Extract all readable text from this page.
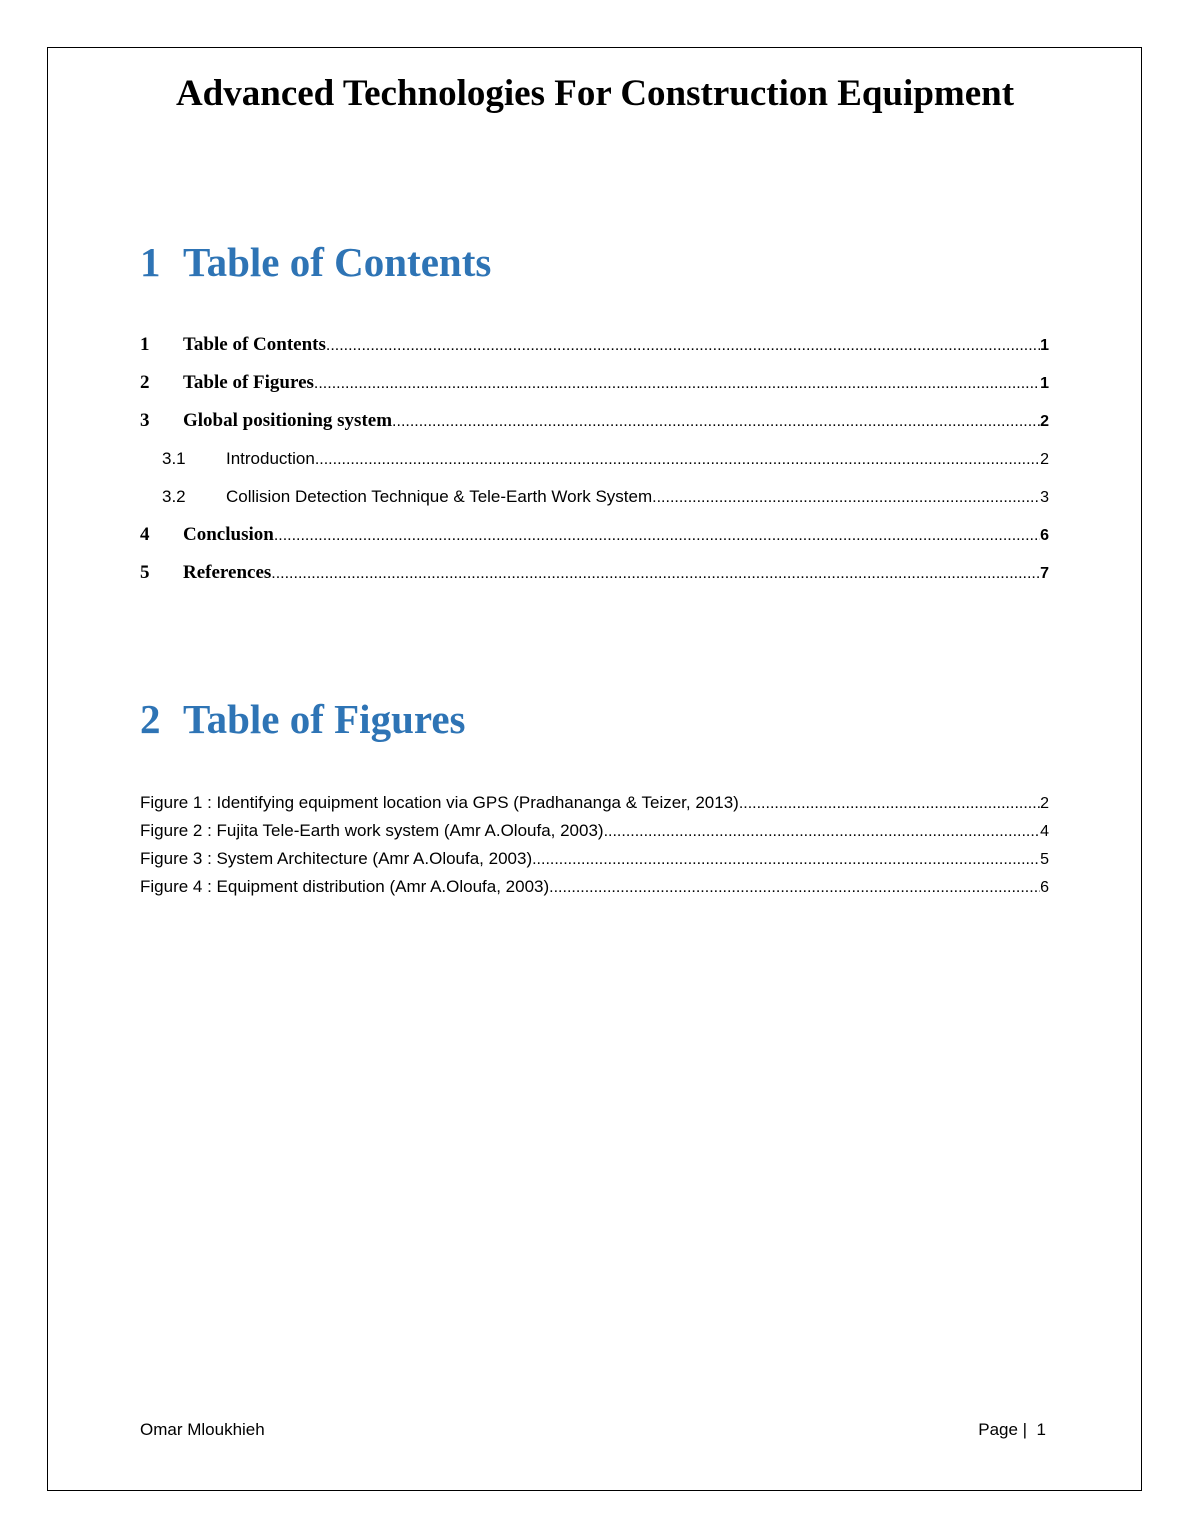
Advanced Technologies For Construction Equipment
1 Table of Contents
1	Table of Contents .....	1
2	Table of Figures .....	1
3	Global positioning system .....	2
3.1	Introduction .....	2
3.2	Collision Detection Technique & Tele-Earth Work System .....	3
4	Conclusion .....	6
5	References .....	7
2 Table of Figures
Figure 1 : Identifying equipment location via GPS (Pradhananga & Teizer, 2013) .....	2
Figure 2 : Fujita Tele-Earth work system (Amr A.Oloufa, 2003) .....	4
Figure 3 : System Architecture (Amr A.Oloufa, 2003) .....	5
Figure 4 : Equipment distribution (Amr A.Oloufa, 2003) .....	6
Omar Mloukhieh	Page |  1
